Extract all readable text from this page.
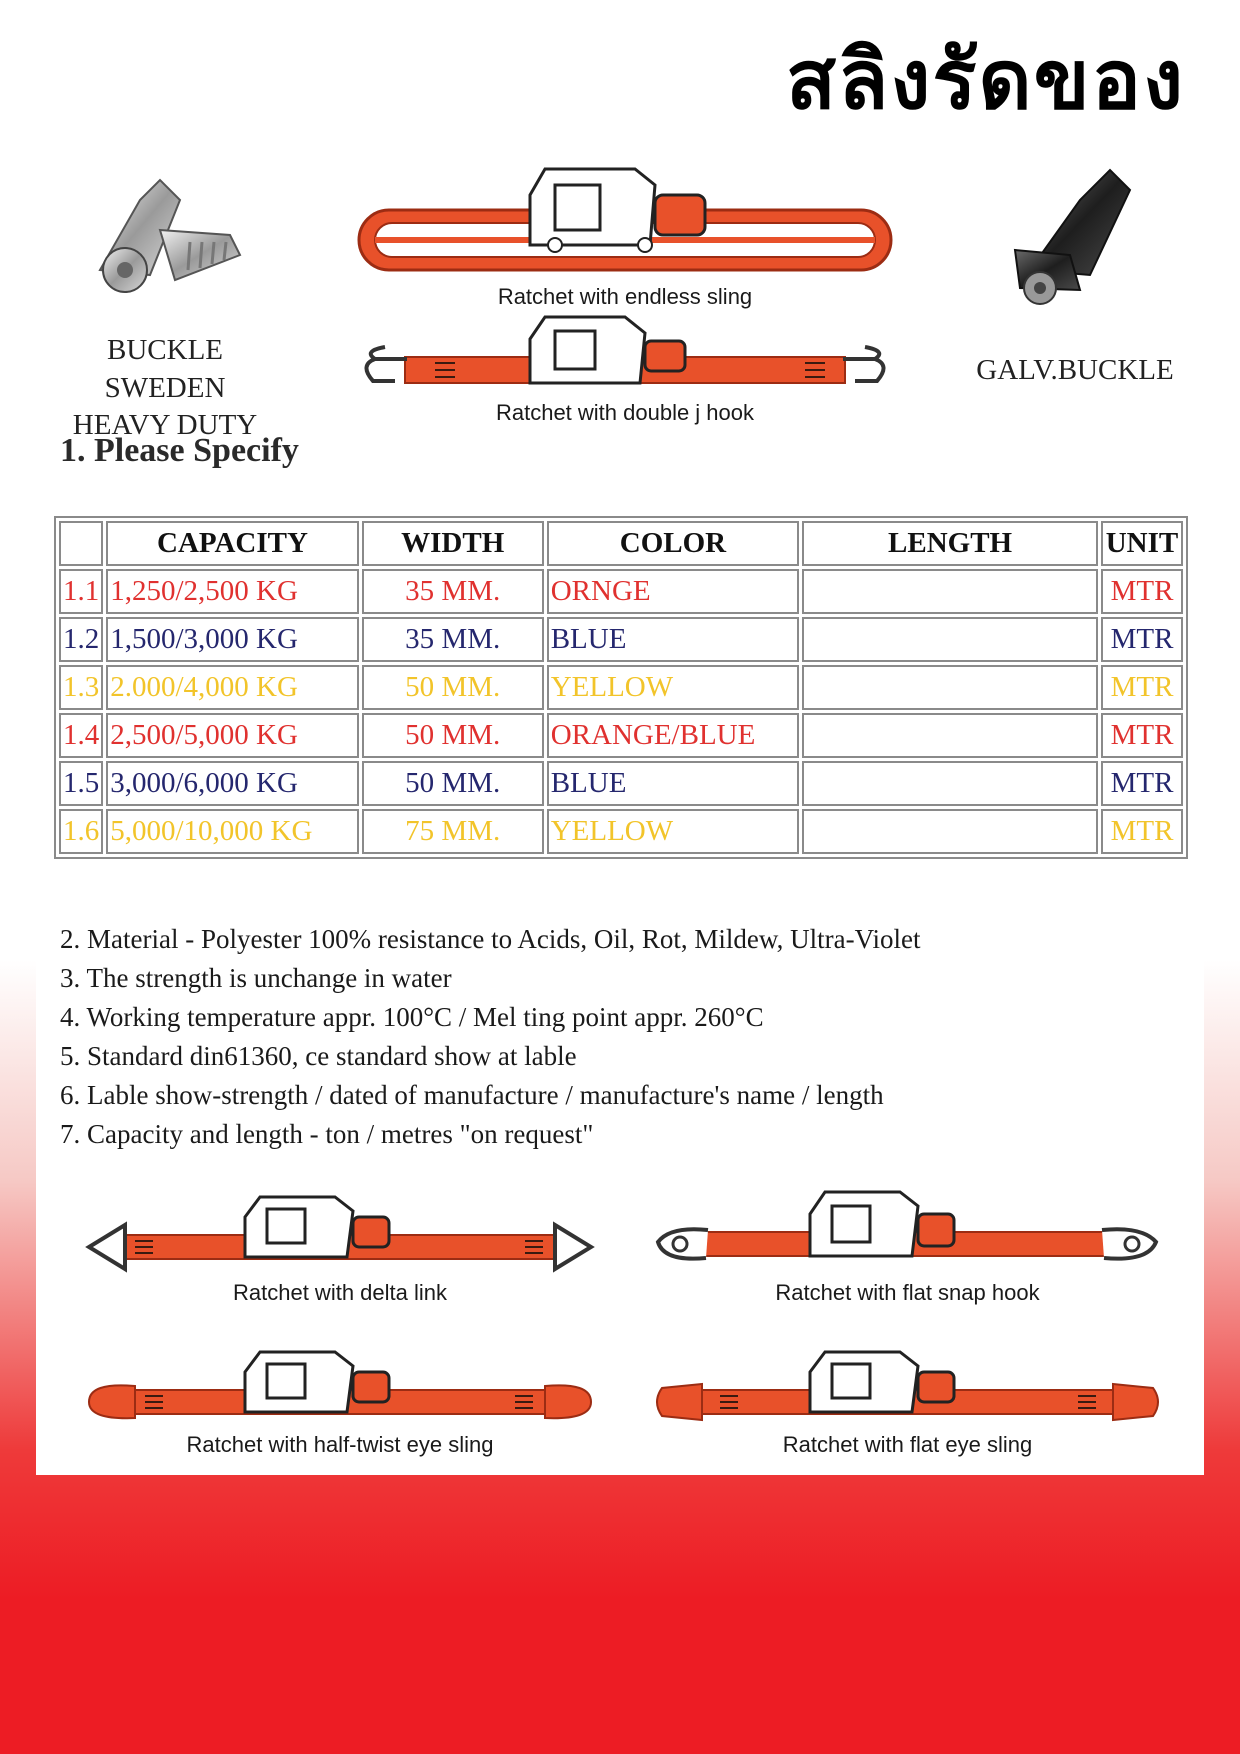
สลิงรัดของ
BUCKLE SWEDEN
HEAVY DUTY
GALV.BUCKLE
Ratchet with endless sling
Ratchet with double j hook
1. Please Specify
	CAPACITY	WIDTH	COLOR	LENGTH	UNIT
1.1	1,250/2,500 KG	35 MM.	ORNGE		MTR
1.2	1,500/3,000 KG	35 MM.	BLUE		MTR
1.3	2.000/4,000 KG	50 MM.	YELLOW		MTR
1.4	2,500/5,000 KG	50 MM.	ORANGE/BLUE		MTR
1.5	3,000/6,000 KG	50 MM.	BLUE		MTR
1.6	5,000/10,000 KG	75 MM.	YELLOW		MTR
2. Material - Polyester 100% resistance to Acids, Oil, Rot, Mildew, Ultra-Violet
3. The strength is unchange in water
4. Working temperature appr. 100°C / Mel ting point appr. 260°C
5. Standard din61360, ce standard show at lable
6. Lable show-strength / dated of manufacture / manufacture's name / length
7. Capacity and length - ton / metres "on request"
Ratchet with delta link	Ratchet with flat snap hook
Ratchet with half-twist eye sling	Ratchet with flat eye sling
